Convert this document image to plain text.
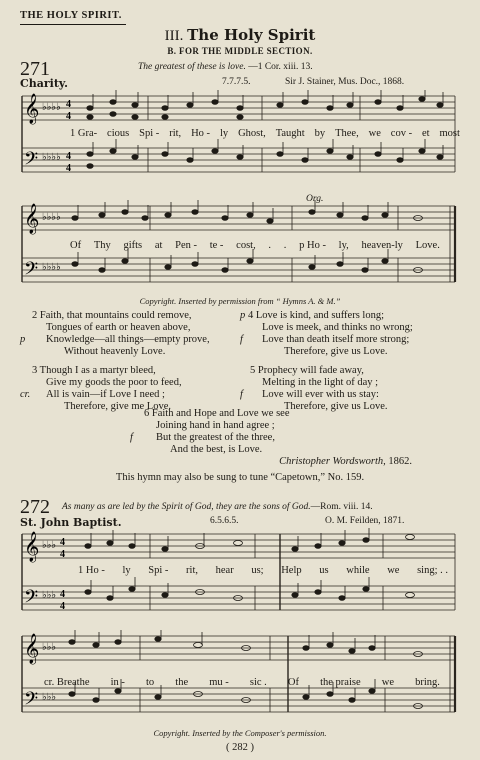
THE HOLY SPIRIT.
III. The Holy Spirit
B. FOR THE MIDDLE SECTION.
271	The greatest of these is love. —1 Cor. xiii. 13.
Charity.	7.7.7.5.	Sir J. Stainer, Mus. Doc., 1868.
𝄞
𝄢
♭♭♭♭
♭♭♭♭
4
4
4
4
1 Gra- cious Spi - rit, Ho - ly Ghost, Taught by Thee, we cov - et most
Org.
𝄞
𝄢
♭♭♭♭
♭♭♭♭
Of Thy gifts at Pen - te - cost, . . p Ho - ly, heaven-ly Love.
Copyright. Inserted by permission from “ Hymns A. & M.”
2 Faith, that mountains could remove,
Tongues of earth or heaven above,
p Knowledge—all things—empty prove,
Without heavenly Love.
3 Though I as a martyr bleed,
Give my goods the poor to feed,
cr. All is vain—if Love I need ;
Therefore, give me Love.
p 4 Love is kind, and suffers long;
Love is meek, and thinks no wrong;
f Love than death itself more strong;
Therefore, give us Love.
5 Prophecy will fade away,
Melting in the light of day ;
f Love will ever with us stay:
Therefore, give us Love.
6 Faith and Hope and Love we see
Joining hand in hand agree ;
f But the greatest of the three,
And the best, is Love.
Christopher Wordsworth, 1862.
This hymn may also be sung to tune “Capetown,” No. 159.
272 As many as are led by the Spirit of God, they are the sons of God.—Rom. viii. 14.
St. John Baptist.	6.5.6.5.	O. M. Feilden, 1871.
𝄞
𝄢
♭♭♭
♭♭♭
4
4
4
4
1 Ho - ly Spi - rit, hear us; Help us while we sing; . .
𝄞
𝄢
♭♭♭
♭♭♭
cr. Breathe in - to the mu - sic . Of the praise we bring.
Copyright. Inserted by the Composer's permission.
( 282 )
